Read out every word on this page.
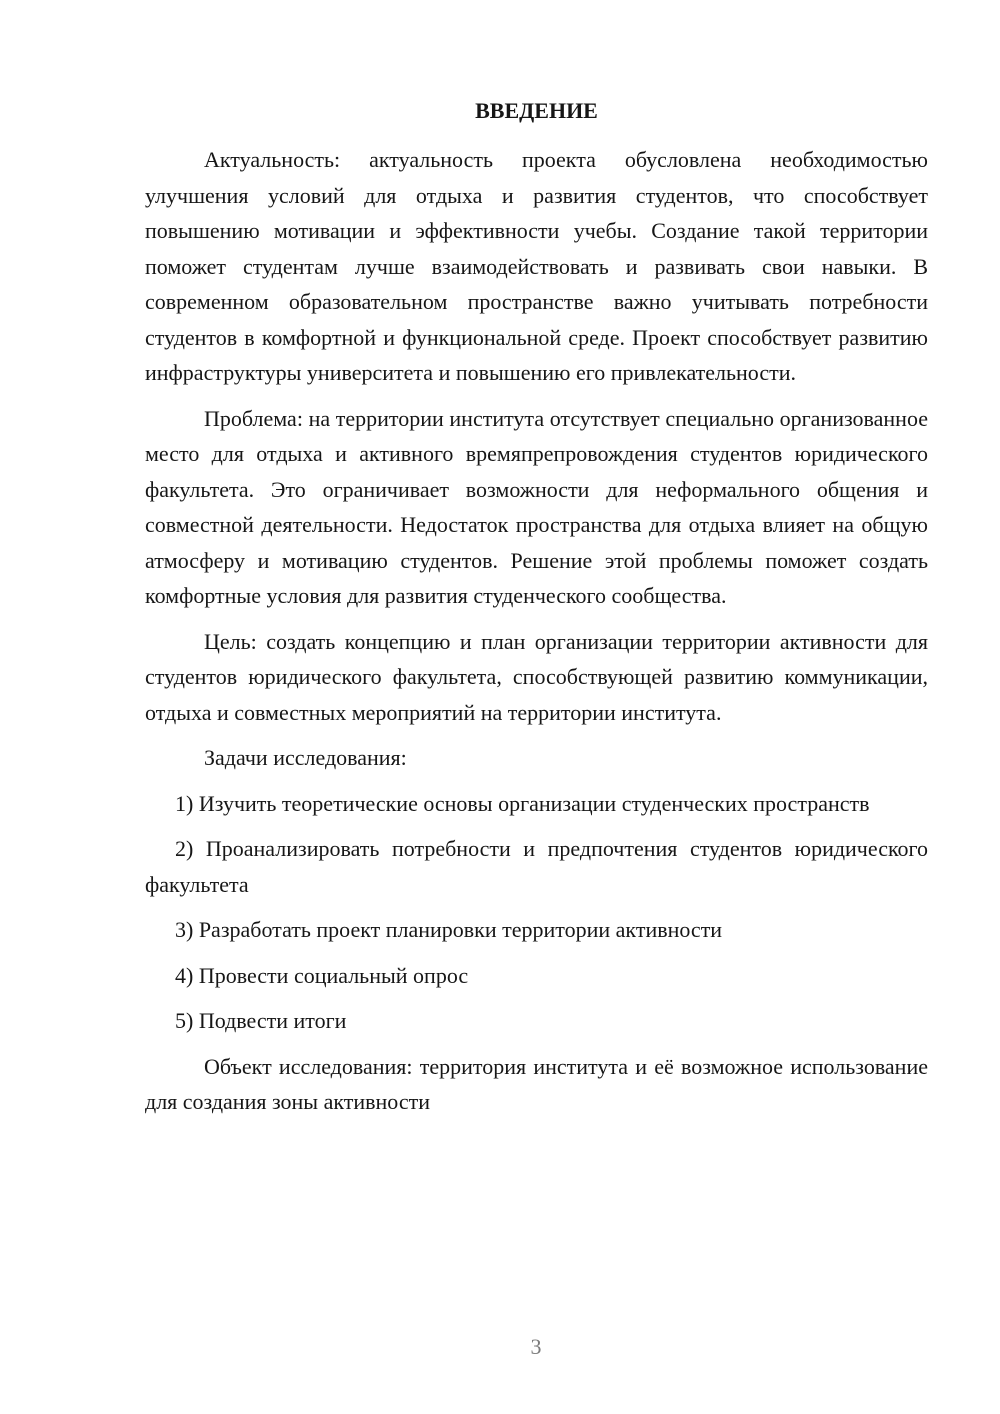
ВВЕДЕНИЕ

Актуальность: актуальность проекта обусловлена необходимостью улучшения условий для отдыха и развития студентов, что способствует повышению мотивации и эффективности учебы. Создание такой территории поможет студентам лучше взаимодействовать и развивать свои навыки. В современном образовательном пространстве важно учитывать потребности студентов в комфортной и функциональной среде. Проект способствует развитию инфраструктуры университета и повышению его привлекательности.

Проблема: на территории института отсутствует специально организованное место для отдыха и активного времяпрепровождения студентов юридического факультета. Это ограничивает возможности для неформального общения и совместной деятельности. Недостаток пространства для отдыха влияет на общую атмосферу и мотивацию студентов. Решение этой проблемы поможет создать комфортные условия для развития студенческого сообщества.

Цель: создать концепцию и план организации территории активности для студентов юридического факультета, способствующей развитию коммуникации, отдыха и совместных мероприятий на территории института.

Задачи исследования:

1) Изучить теоретические основы организации студенческих пространств

2) Проанализировать потребности и предпочтения студентов юридического факультета

3) Разработать проект планировки территории активности

4) Провести социальный опрос

5) Подвести итоги

Объект исследования: территория института и её возможное использование для создания зоны активности

3
